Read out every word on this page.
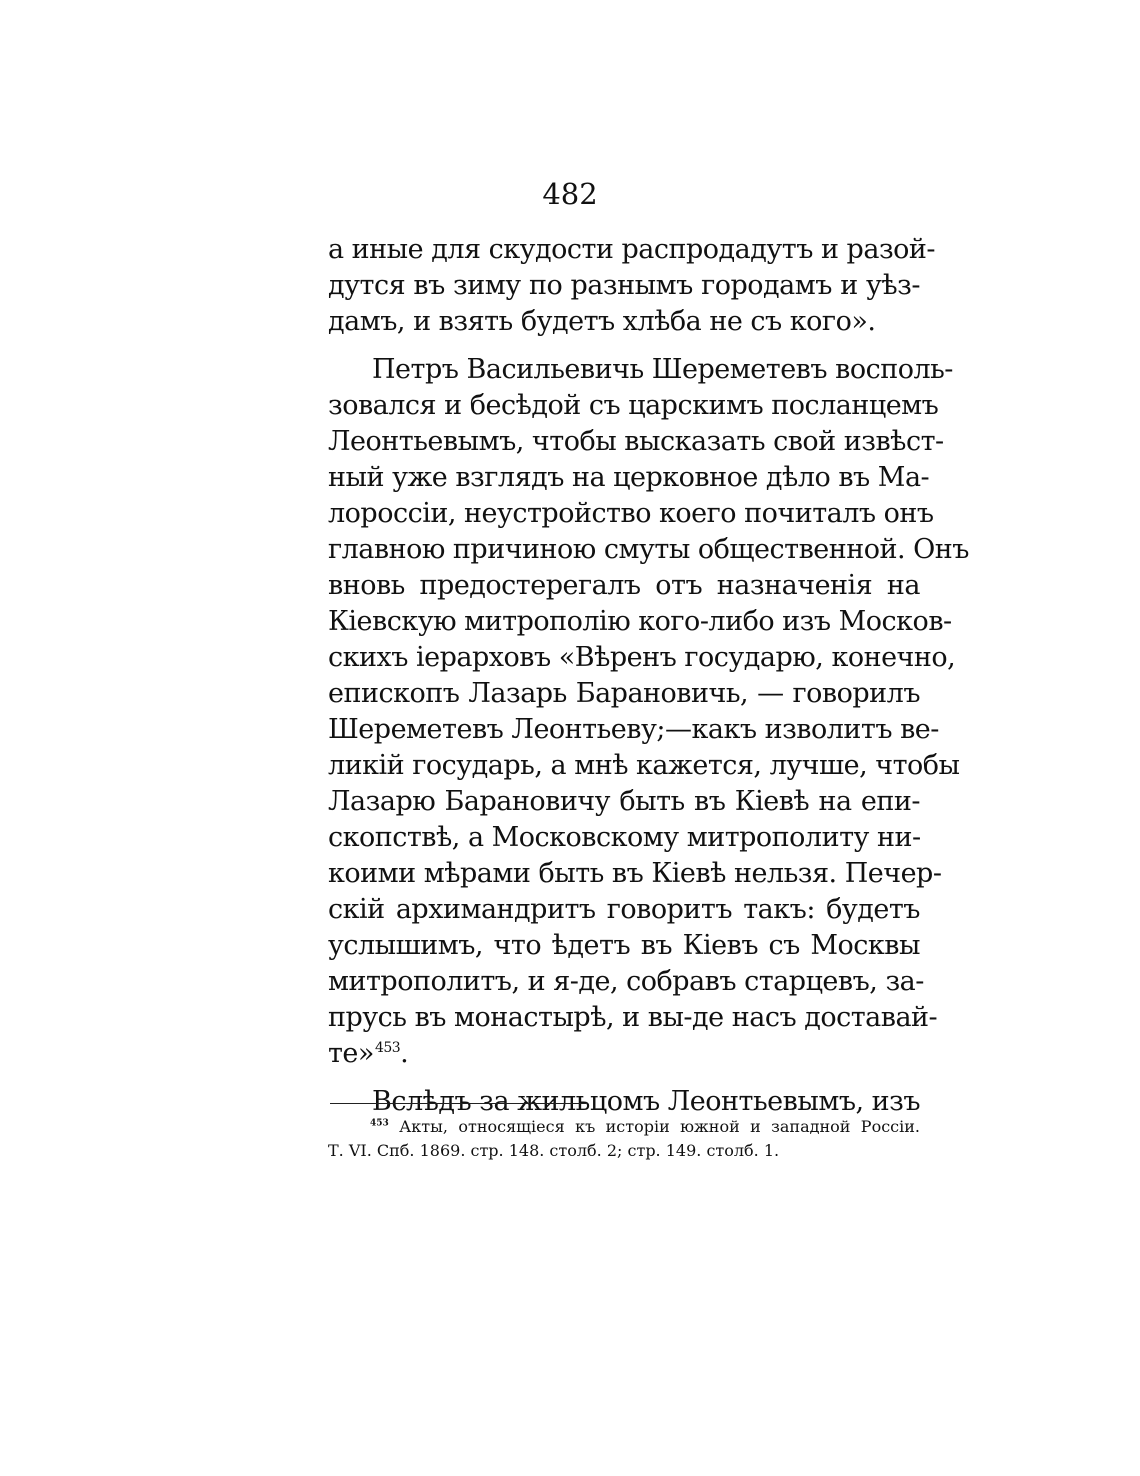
482
а иные для скудости распродадутъ и разой-
дутся въ зиму по разнымъ городамъ и уѣз-
дамъ, и взять будетъ хлѣба не съ кого».
Петръ Васильевичь Шереметевъ восполь-
зовался и бесѣдой съ царскимъ посланцемъ
Леонтьевымъ, чтобы высказать свой извѣст-
ный уже взглядъ на церковное дѣло въ Ма-
лороссіи, неустройство коего почиталъ онъ
главною причиною смуты общественной. Онъ
вновь предостерегалъ отъ назначенія на
Кіевскую митрополію кого-либо изъ Москов-
скихъ іерарховъ «Вѣренъ государю, конечно,
епископъ Лазарь Барановичь, — говорилъ
Шереметевъ Леонтьеву;—какъ изволитъ ве-
ликій государь, а мнѣ кажется, лучше, чтобы
Лазарю Барановичу быть въ Кіевѣ на епи-
скопствѣ, а Московскому митрополиту ни-
коими мѣрами быть въ Кіевѣ нельзя. Печер-
скій архимандритъ говоритъ такъ: будетъ
услышимъ, что ѣдетъ въ Кіевъ съ Москвы
митрополитъ, и я-де, собравъ старцевъ, за-
прусь въ монастырѣ, и вы-де насъ доставай-
те»$^{453}$.
Вслѣдъ за жильцомъ Леонтьевымъ, изъ
$^{453}$ Акты, относящіеся къ исторіи южной и западной Россіи.
Т. VI. Спб. 1869. стр. 148. столб. 2; стр. 149. столб. 1.
